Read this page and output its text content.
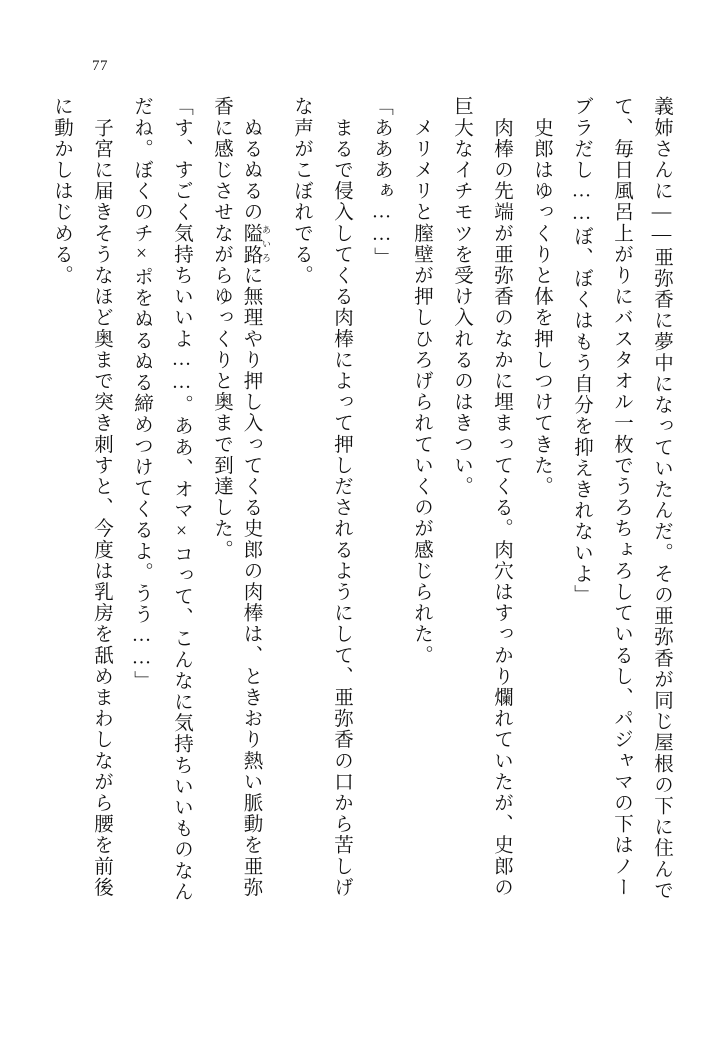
77
義姉さんに――亜弥香に夢中になっていたんだ。その亜弥香が同じ屋根の下に住んで
て、毎日風呂上がりにバスタオル一枚でうろちょろしているし、パジャマの下はノー
ブラだし……ぼ、ぼくはもう自分を抑えきれないよ」
　史郎はゆっくりと体を押しつけてきた。
　肉棒の先端が亜弥香のなかに埋まってくる。肉穴はすっかり爛れていたが、史郎の
巨大なイチモツを受け入れるのはきつい。
　メリメリと膣壁が押しひろげられていくのが感じられた。
「あああぁ……」
　まるで侵入してくる肉棒によって押しだされるようにして、亜弥香の口から苦しげ
な声がこぼれでる。
　ぬるぬるの隘路 あいろに無理やり押し入ってくる史郎の肉棒は、ときおり熱い脈動を亜弥
香に感じさせながらゆっくりと奥まで到達した。
「す、すごく気持ちいいよ……。ああ、オマ×コって、こんなに気持ちいいものなん
だね。ぼくのチ×ポをぬるぬる締めつけてくるよ。うう……」
　子宮に届きそうなほど奥まで突き刺すと、今度は乳房を舐めまわしながら腰を前後
に動かしはじめる。
